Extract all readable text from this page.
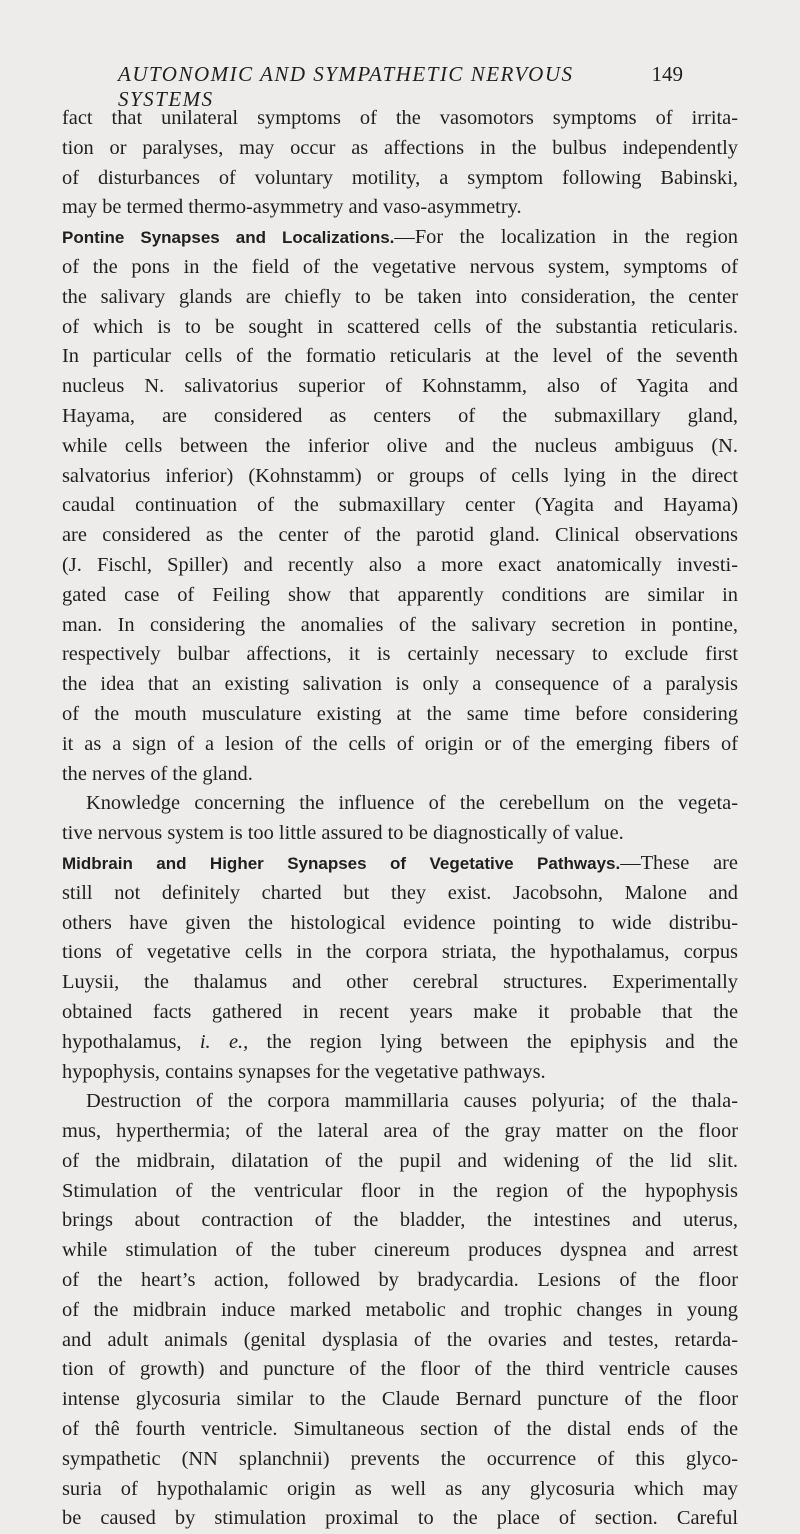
AUTONOMIC AND SYMPATHETIC NERVOUS SYSTEMS
149
fact that unilateral symptoms of the vasomotors symptoms of irrita-
tion or paralyses, may occur as affections in the bulbus independently
of disturbances of voluntary motility, a symptom following Babinski,
may be termed thermo-asymmetry and vaso-asymmetry.
Pontine Synapses and Localizations.—For the localization in the region
of the pons in the field of the vegetative nervous system, symptoms of
the salivary glands are chiefly to be taken into consideration, the center
of which is to be sought in scattered cells of the substantia reticularis.
In particular cells of the formatio reticularis at the level of the seventh
nucleus N. salivatorius superior of Kohnstamm, also of Yagita and
Hayama, are considered as centers of the submaxillary gland,
while cells between the inferior olive and the nucleus ambiguus (N.
salvatorius inferior) (Kohnstamm) or groups of cells lying in the direct
caudal continuation of the submaxillary center (Yagita and Hayama)
are considered as the center of the parotid gland. Clinical observations
(J. Fischl, Spiller) and recently also a more exact anatomically investi-
gated case of Feiling show that apparently conditions are similar in
man. In considering the anomalies of the salivary secretion in pontine,
respectively bulbar affections, it is certainly necessary to exclude first
the idea that an existing salivation is only a consequence of a paralysis
of the mouth musculature existing at the same time before considering
it as a sign of a lesion of the cells of origin or of the emerging fibers of
the nerves of the gland.
Knowledge concerning the influence of the cerebellum on the vegeta-
tive nervous system is too little assured to be diagnostically of value.
Midbrain and Higher Synapses of Vegetative Pathways.—These are
still not definitely charted but they exist. Jacobsohn, Malone and
others have given the histological evidence pointing to wide distribu-
tions of vegetative cells in the corpora striata, the hypothalamus, corpus
Luysii, the thalamus and other cerebral structures. Experimentally
obtained facts gathered in recent years make it probable that the
hypothalamus, i. e., the region lying between the epiphysis and the
hypophysis, contains synapses for the vegetative pathways.
Destruction of the corpora mammillaria causes polyuria; of the thala-
mus, hyperthermia; of the lateral area of the gray matter on the floor
of the midbrain, dilatation of the pupil and widening of the lid slit.
Stimulation of the ventricular floor in the region of the hypophysis
brings about contraction of the bladder, the intestines and uterus,
while stimulation of the tuber cinereum produces dyspnea and arrest
of the heart’s action, followed by bradycardia. Lesions of the floor
of the midbrain induce marked metabolic and trophic changes in young
and adult animals (genital dysplasia of the ovaries and testes, retarda-
tion of growth) and puncture of the floor of the third ventricle causes
intense glycosuria similar to the Claude Bernard puncture of the floor
of thê fourth ventricle. Simultaneous section of the distal ends of the
sympathetic (NN splanchnii) prevents the occurrence of this glyco-
suria of hypothalamic origin as well as any glycosuria which may
be caused by stimulation proximal to the place of section. Careful
